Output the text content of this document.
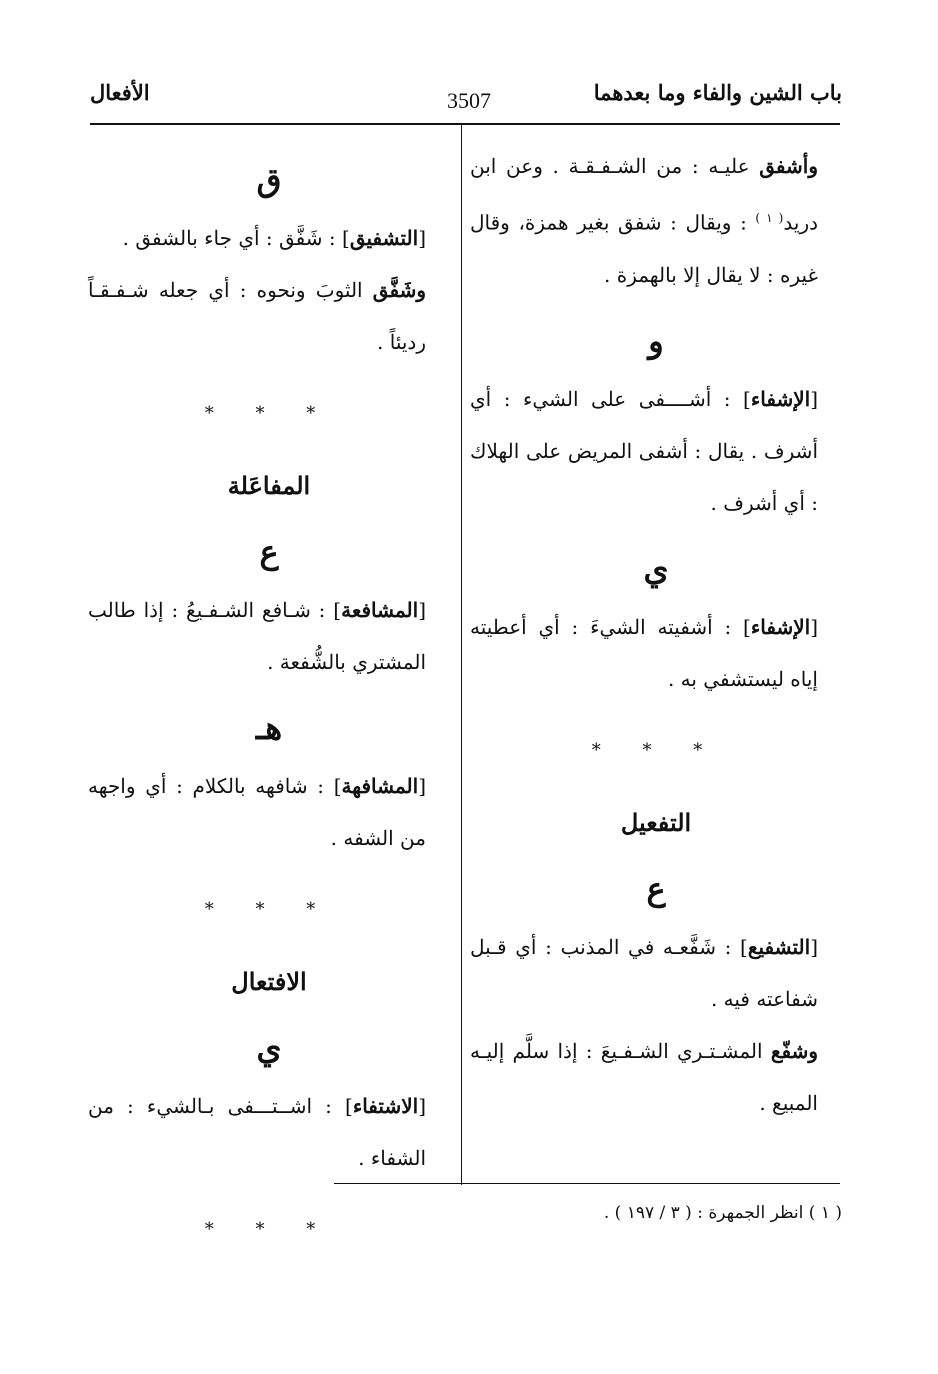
باب الشين والفاء وما بعدهما
3507
الأفعال

وأشفق عليـه : من الشـفـقـة . وعن ابن دريد$^{( ١ )}$ : ويقال : شفق بغير همزة، وقال غيره : لا يقال إلا بالهمزة .

و

[الإشفاء] : أشــــفى على الشيء : أي أشرف . يقال : أشفى المريض على الهلاك : أي أشرف .

ي

[الإشفاء] : أشفيته الشيءَ : أي أعطيته إياه ليستشفي به .

* * *
التفعيل
ع

[التشفيع] : شَفَّعـه في المذنب : أي قـبل شفاعته فيه .

وشفّع المشـتـري الشـفـيعَ : إذا سلَّم إليـه المبيع .

ق

[التشفيق] : شَفَّق : أي جاء بالشفق .

وشَفَّق الثوبَ ونحوه : أي جعله شـفـقـاً رديئاً .

* * *
المفاعَلة
ع

[المشافعة] : شـافع الشـفـيعُ : إذا طالب المشتري بالشُّفعة .

هـ

[المشافهة] : شافهه بالكلام : أي واجهه من الشفه .

* * *
الافتعال
ي

[الاشتفاء] : اشــتـــفى بـالشيء : من الشفاء .

* * *
( ١ ) انظر الجمهرة : ( ٣ / ١٩٧ ) .
